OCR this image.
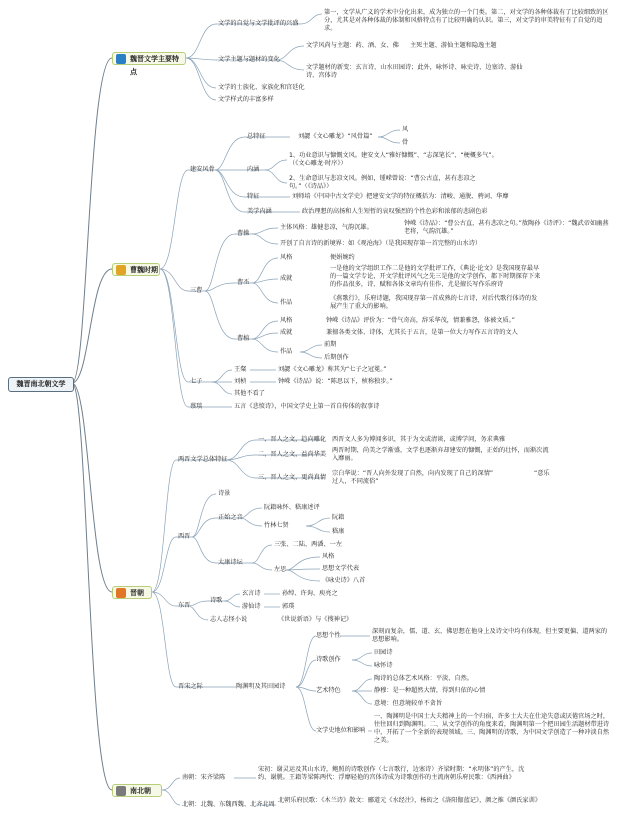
魏晋南北朝文学
魏晋文学主要特点
曹魏时期
晋朝
南北朝
文学的自觉与文学批评的兴盛
第一，文学从广义的学术中分化出来，成为独立的一个门类。第二，对文学的各种体裁有了比较细致的区分，尤其是对各种体裁的体制和风格特点有了比较明确的认识。第三，对文学的审美特征有了自觉的追求。
文学主题与题材的变化
文学风尚与主题：药、酒、女、佛 主死主题、游仙主题和隐逸主题
文学题材的新变：玄言诗、山水田园诗；此外，咏怀诗、咏史诗、边塞诗、游仙诗、宫体诗
文学的士族化、家族化和宫廷化
文学样式的丰富多样
建安风骨
总特征	刘勰《文心雕龙》“风骨篇”
风
骨
内涵
1、功业意识与慷慨文风。建安文人“雅好慷慨”、“志深笔长”、“梗概多气”。（《文心雕龙·时序》）
2、生命意识与悲凉文风。例如，锺嵘曾说：“曹公古直，甚有悲凉之句。”（《诗品》）
特征	刘师培《中国中古文学史》把建安文学的特征概括为：清峻、通脱、骋词、华靡
美学内涵	政治理想的高扬和人生短暂的哀叹强烈的个性色彩和浓郁的悲剧色彩
三曹
曹操
主体风格：雄健悲凉，气韵沉雄。
钟嵘《诗品》：“曹公古直，甚有悲凉之句。”敖陶孙《诗评》：“魏武帝如幽燕老将，气韵沉雄。”
开创了自言诗的新境界：如《观沧海》（是我国现存第一首完整的山水诗）
曹丕
风格	便娟婉约
成就
一是他的文学组织工作二是他的文学批评工作，《典论·论文》是我国现存最早的一篇文学专论，开文学批评风气之先三是他的文学创作，都下时期探存下来的作品很多，诗、赋和各体文章均有佳作，尤是擅长写作乐府诗
作品
《燕歌行》，乐府诗题，我国现存第一首成熟的七言诗，对后代歌行体诗的发展产生了重大的影响。
曹植
风格	钟嵘《诗品》评价为：“骨气奇高，辞采华茂，情兼雅怨，体被文质。”
成就	兼擅各类文体、诗体，尤其长于五言，是第一位大力写作五言诗的文人
作品
前期
后期创作
七子
王粲	刘勰《文心雕龙》称其为“七子之冠冕。”
刘桢	钟嵘《诗品》说：“陈思以下，桢称独步。”
其他不看了
蔡琰	五言《悲愤诗》，中国文学史上第一首自传体的叙事诗
两晋文学总体特征
一、晋人之文，趋向雕化 西晋文人多为博闻多识，其于为文或清谈，或博学问，务求典雅
二、晋人之文，益尚华美
两晋时期，尚美之学渐盛，文学也逐渐弃却建安的慷慨，正始的壮怀，而渐次流入靡丽。
三、晋人之文，更尚真情
宗白华说：“晋人向外发现了自然，向内发现了自己的深情”	“意乐过人，不同流俗”
西晋
诗景
正始之音
阮籍咏怀、嵇康述评
竹林七贤
阮籍
嵇康
太康诗坛
三张、二陆、两潘、一左
左思
风格
思想文学代表
《咏史诗》八首
东晋
诗歌
玄言诗	孙绰、许询、庾亮之
游仙诗	郭璞
志人志怪小说	《世说新语》与《搜神记》
晋宋之际	陶渊明及其田园诗
思想个性
深刻而复杂，儒、道、玄、佛思想在他身上及诗文中均有体现，但主要更偏、道两家的思想影响。
诗歌创作
田园诗
咏怀诗
艺术特色
陶诗的总体艺术风格：平淡、自然。
静穆：是一种超然大情，得到归依的心情
意境：但意境较单不贪旨
文学史地位和影响
一、陶渊明是中国士大夫精神上的一个归宿，许多士大夫在仕途失意或厌倦官场之时，往往回归到陶渊明。二、从文学创作的角度来看，陶渊明第一个把田园生活题材带进诗中，开拓了一个全新的表现领域。三、陶渊明的诗歌，为中国文学创造了一种冲淡自然之美。
南朝：宋齐梁陈
宋初：谢灵运及其山水诗，鲍照的诗歌创作（七言歌行，边塞诗）齐梁时期：“永明体”的产生，沈约、谢朓。王籍等梁陈两代：浮靡轻艳的宫体诗成为诗歌创作的主流南朝乐府民歌：《西洲曲》
北朝：北魏、东魏西魏、北齐北周
北朝乐府民歌：《木兰诗》散文：郦道元《水经注》，杨衒之《洛阳伽蓝记》，颜之推《颜氏家训》
